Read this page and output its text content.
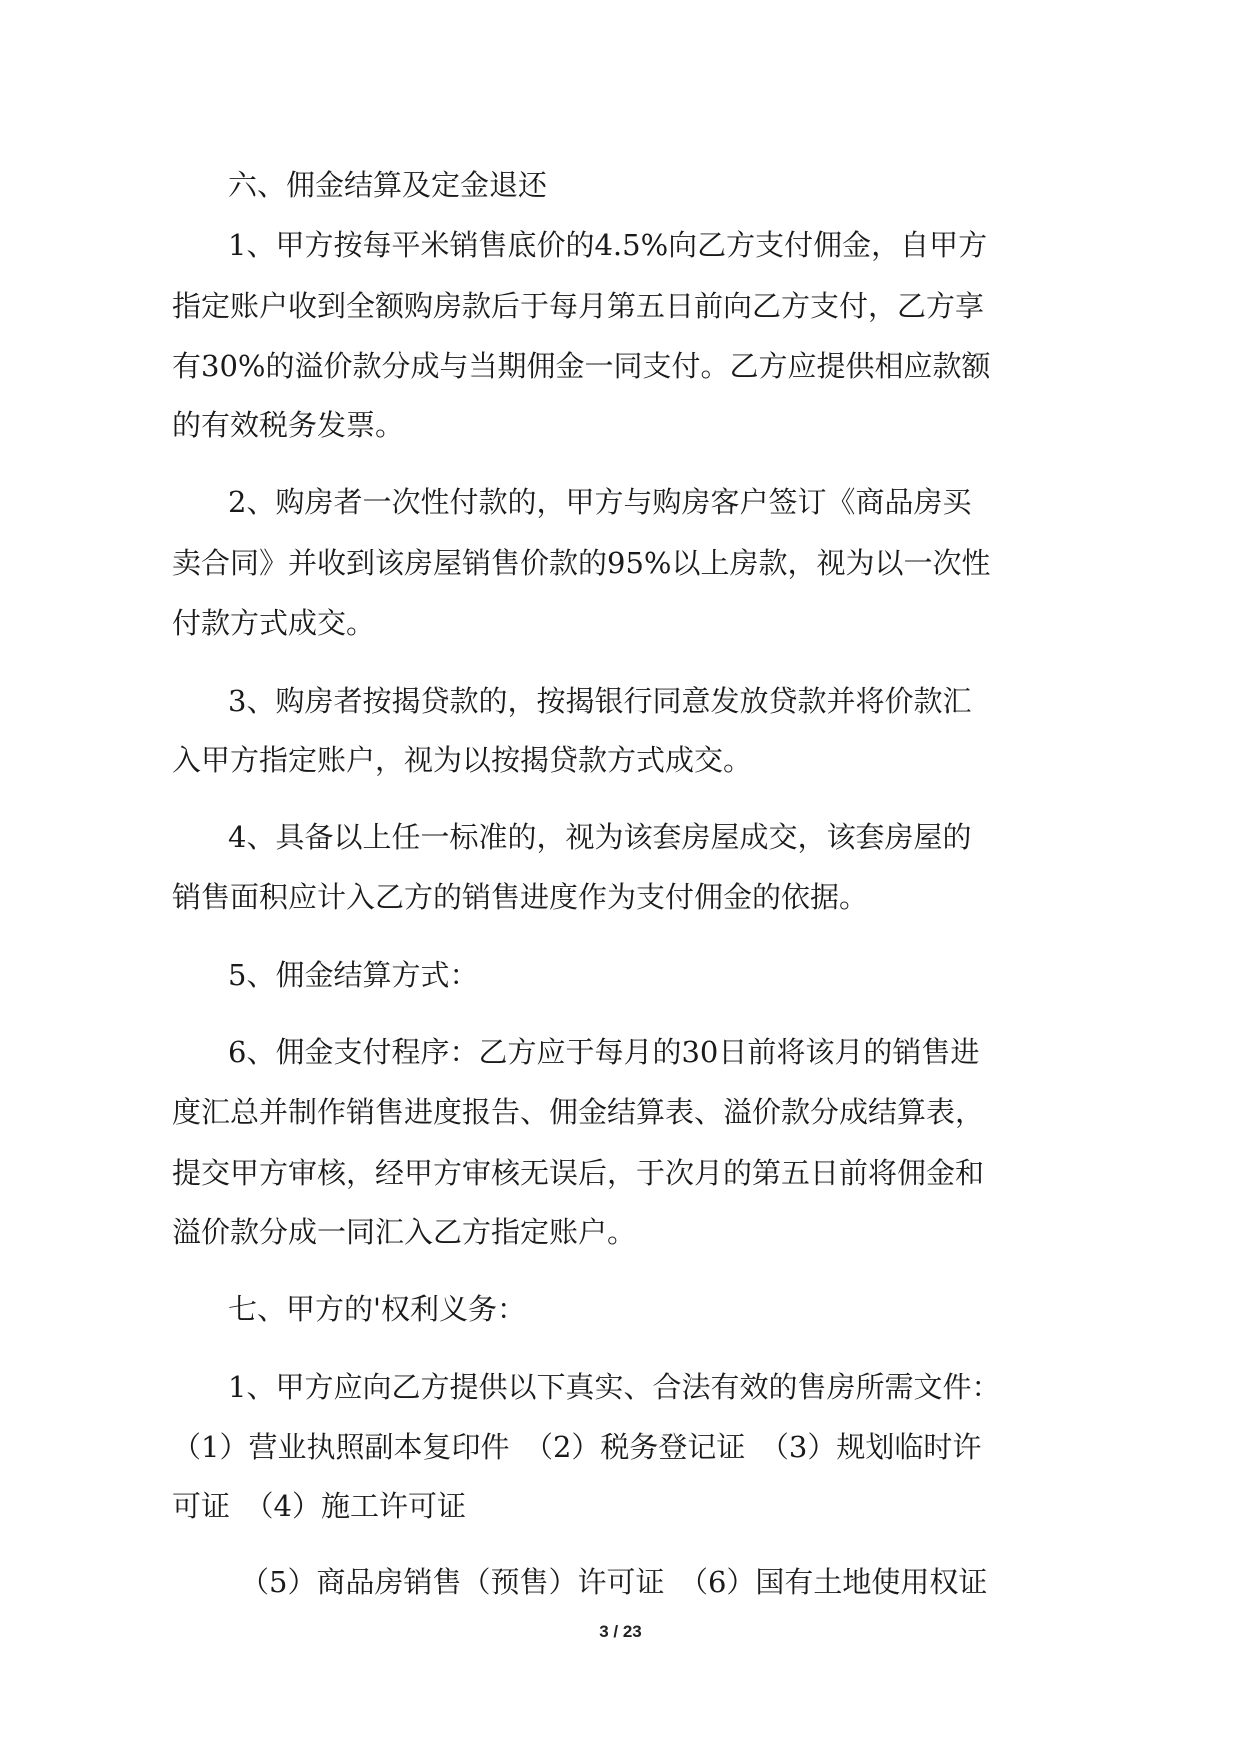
六、佣金结算及定金退还
1、甲方按每平米销售底价的4.5%向乙方支付佣金，自甲方
指定账户收到全额购房款后于每月第五日前向乙方支付，乙方享
有30%的溢价款分成与当期佣金一同支付。乙方应提供相应款额
的有效税务发票。
2、购房者一次性付款的，甲方与购房客户签订《商品房买
卖合同》并收到该房屋销售价款的95%以上房款，视为以一次性
付款方式成交。
3、购房者按揭贷款的，按揭银行同意发放贷款并将价款汇
入甲方指定账户，视为以按揭贷款方式成交。
4、具备以上任一标准的，视为该套房屋成交，该套房屋的
销售面积应计入乙方的销售进度作为支付佣金的依据。
5、佣金结算方式：
6、佣金支付程序：乙方应于每月的30日前将该月的销售进
度汇总并制作销售进度报告、佣金结算表、溢价款分成结算表，
提交甲方审核，经甲方审核无误后，于次月的第五日前将佣金和
溢价款分成一同汇入乙方指定账户。
七、甲方的'权利义务：
1、甲方应向乙方提供以下真实、合法有效的售房所需文件：
（1）营业执照副本复印件　（2）税务登记证　（3）规划临时许
可证　（4）施工许可证
（5）商品房销售（预售）许可证　（6）国有土地使用权证
3 / 23
